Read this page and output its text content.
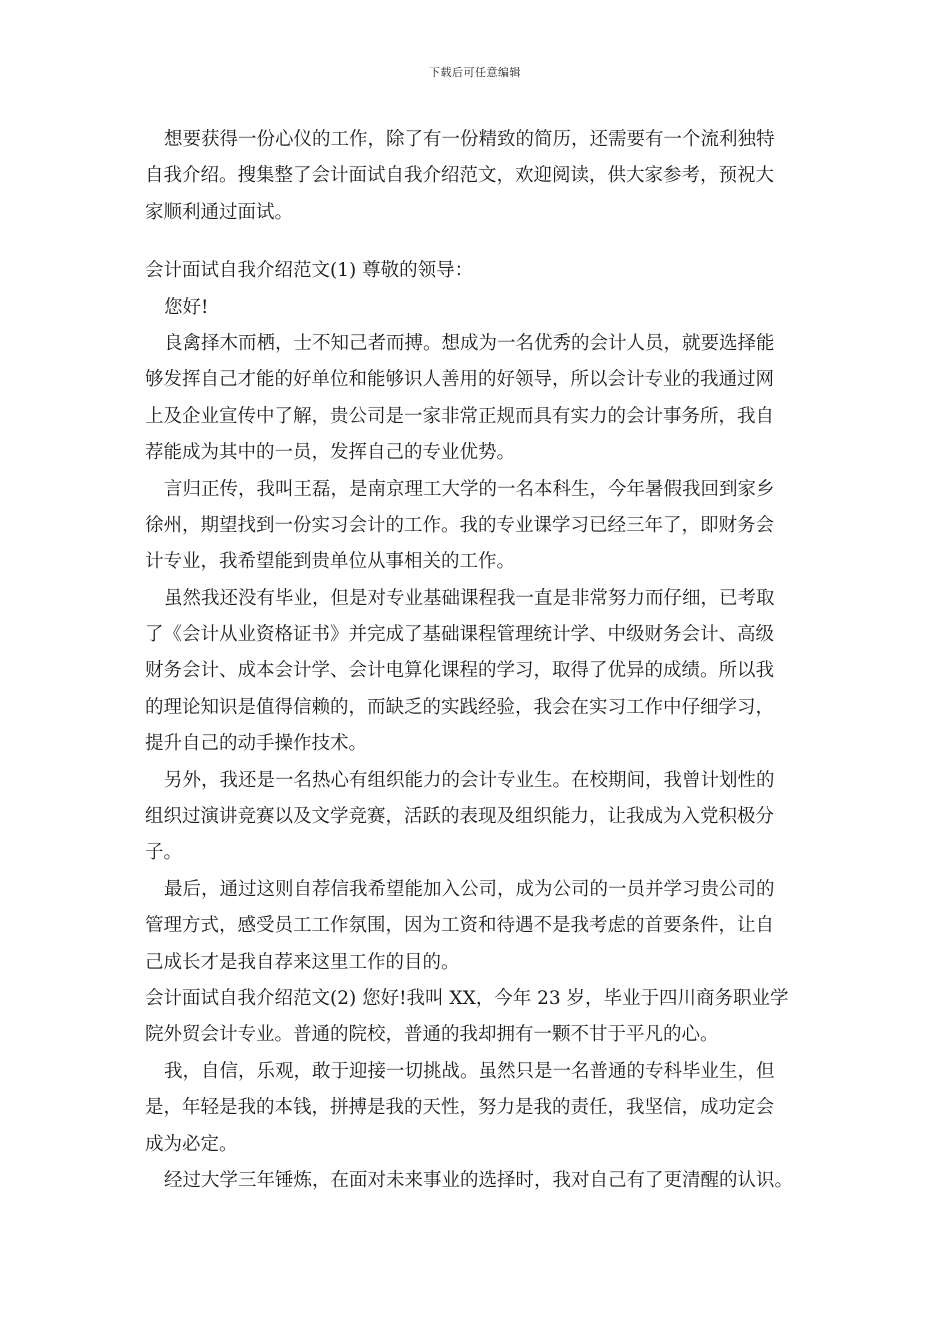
下载后可任意编辑
想要获得一份心仪的工作，除了有一份精致的简历，还需要有一个流利独特
自我介绍。搜集整了会计面试自我介绍范文，欢迎阅读，供大家参考，预祝大
家顺利通过面试。
会计面试自我介绍范文(1) 尊敬的领导：
您好!
良禽择木而栖，士不知己者而搏。想成为一名优秀的会计人员，就要选择能
够发挥自己才能的好单位和能够识人善用的好领导，所以会计专业的我通过网
上及企业宣传中了解，贵公司是一家非常正规而具有实力的会计事务所，我自
荐能成为其中的一员，发挥自己的专业优势。
言归正传，我叫王磊，是南京理工大学的一名本科生，今年暑假我回到家乡
徐州，期望找到一份实习会计的工作。我的专业课学习已经三年了，即财务会
计专业，我希望能到贵单位从事相关的工作。
虽然我还没有毕业，但是对专业基础课程我一直是非常努力而仔细，已考取
了《会计从业资格证书》并完成了基础课程管理统计学、中级财务会计、高级
财务会计、成本会计学、会计电算化课程的学习，取得了优异的成绩。所以我
的理论知识是值得信赖的，而缺乏的实践经验，我会在实习工作中仔细学习，
提升自己的动手操作技术。
另外，我还是一名热心有组织能力的会计专业生。在校期间，我曾计划性的
组织过演讲竞赛以及文学竞赛，活跃的表现及组织能力，让我成为入党积极分
子。
最后，通过这则自荐信我希望能加入公司，成为公司的一员并学习贵公司的
管理方式，感受员工工作氛围，因为工资和待遇不是我考虑的首要条件，让自
己成长才是我自荐来这里工作的目的。
会计面试自我介绍范文(2) 您好!我叫 XX，今年 23 岁，毕业于四川商务职业学
院外贸会计专业。普通的院校，普通的我却拥有一颗不甘于平凡的心。
我，自信，乐观，敢于迎接一切挑战。虽然只是一名普通的专科毕业生，但
是，年轻是我的本钱，拼搏是我的天性，努力是我的责任，我坚信，成功定会
成为必定。
经过大学三年锤炼，在面对未来事业的选择时，我对自己有了更清醒的认识。
